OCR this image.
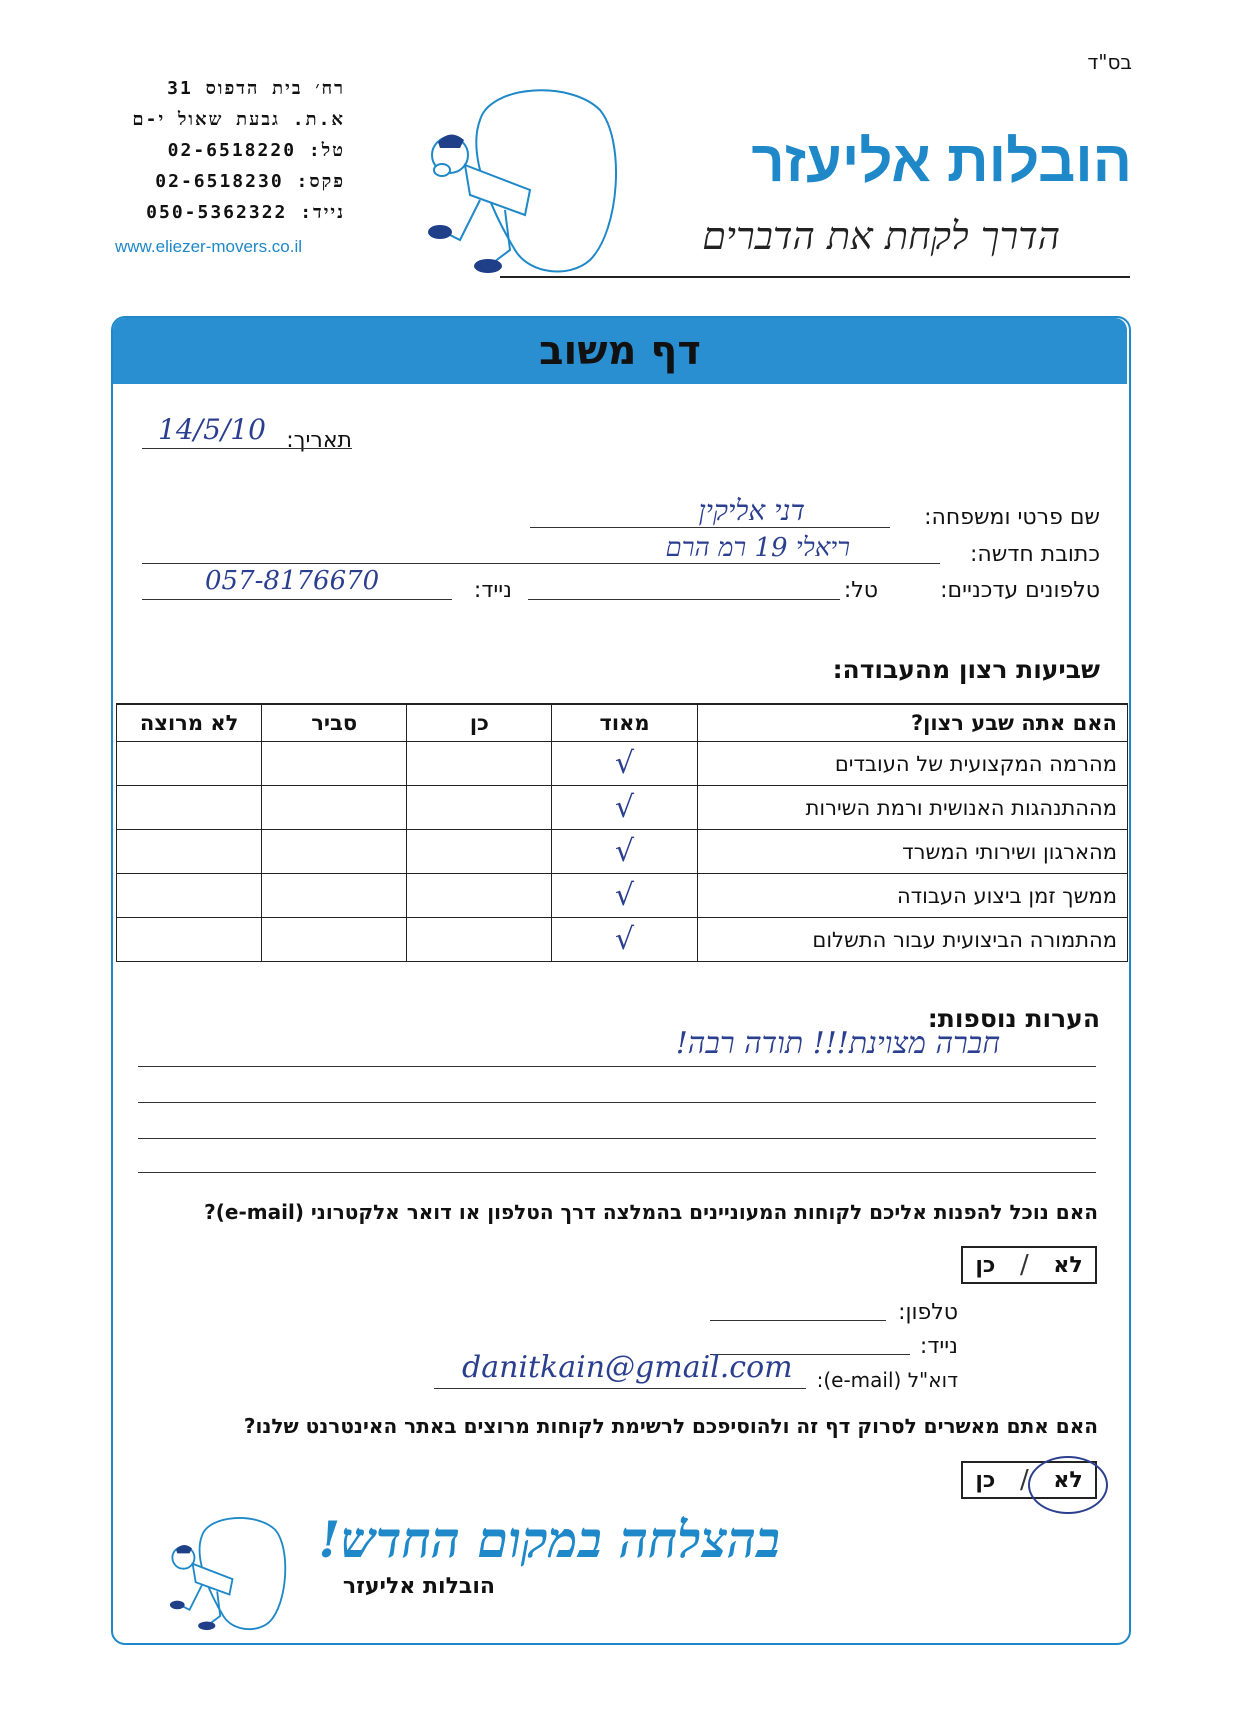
בס"ד
רח׳ בית הדפוס 31
א.ת. גבעת שאול י-ם
טל: 02-6518220
פקס: 02-6518230
נייד: 050-5362322
www.eliezer-movers.co.il
הובלות אליעזר
הדרך לקחת את הדברים
דף משוב
תאריך:
14/5/10
שם פרטי ומשפחה:
דני אליקין
כתובת חדשה:
ריאלי 19 רמ הרם
טלפונים עדכניים:
טל:
נייד:
057-8176670
שביעות רצון מהעבודה:
האם אתה שבע רצון?	מאוד	כן	סביר	לא מרוצה
מהרמה המקצועית של העובדים	√			
מההתנהגות האנושית ורמת השירות	√			
מהארגון ושירותי המשרד	√			
ממשך זמן ביצוע העבודה	√			
מהתמורה הביצועית עבור התשלום	√			
הערות נוספות:
חברה מצוינת!!! תודה רבה!
האם נוכל להפנות אליכם לקוחות המעוניינים בהמלצה דרך הטלפון או דואר אלקטרוני (e-mail)?
לא
/
כן
טלפון:
נייד:
דוא"ל (e-mail):
danitkain@gmail.com
האם אתם מאשרים לסרוק דף זה ולהוסיפכם לרשימת לקוחות מרוצים באתר האינטרנט שלנו?
לא
/
כן
בהצלחה במקום החדש!
הובלות אליעזר
